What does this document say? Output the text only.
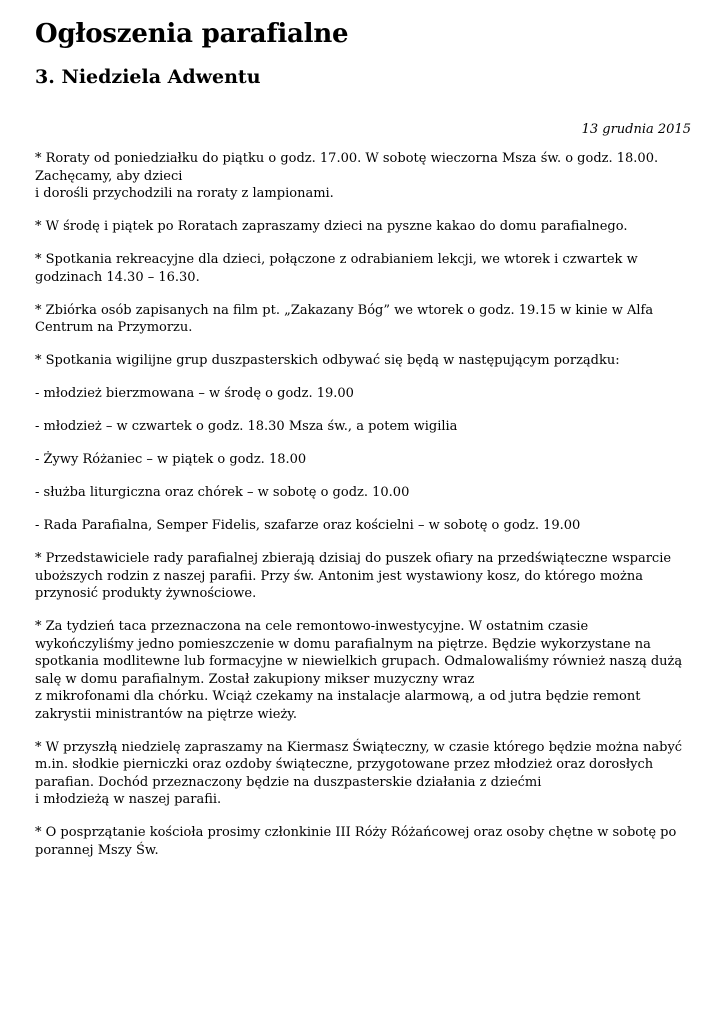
Ogłoszenia parafialne
3. Niedziela Adwentu

13 grudnia 2015

* Roraty od poniedziałku do piątku o godz. 17.00. W sobotę wieczorna Msza św. o godz. 18.00. Zachęcamy, aby dzieci
i dorośli przychodzili na roraty z lampionami.

* W środę i piątek po Roratach zapraszamy dzieci na pyszne kakao do domu parafialnego.

* Spotkania rekreacyjne dla dzieci, połączone z odrabianiem lekcji, we wtorek i czwartek w godzinach 14.30 – 16.30.

* Zbiórka osób zapisanych na film pt. „Zakazany Bóg” we wtorek o godz. 19.15 w kinie w Alfa Centrum na Przymorzu.

* Spotkania wigilijne grup duszpasterskich odbywać się będą w następującym porządku:

- młodzież bierzmowana – w środę o godz. 19.00

- młodzież – w czwartek o godz. 18.30 Msza św., a potem wigilia

- Żywy Różaniec – w piątek o godz. 18.00

- służba liturgiczna oraz chórek – w sobotę o godz. 10.00

- Rada Parafialna, Semper Fidelis, szafarze oraz kościelni – w sobotę o godz. 19.00

* Przedstawiciele rady parafialnej zbierają dzisiaj do puszek ofiary na przedświąteczne wsparcie uboższych rodzin z naszej parafii. Przy św. Antonim jest wystawiony kosz, do którego można przynosić produkty żywnościowe.

* Za tydzień taca przeznaczona na cele remontowo-inwestycyjne. W ostatnim czasie wykończyliśmy jedno pomieszczenie w domu parafialnym na piętrze. Będzie wykorzystane na spotkania modlitewne lub formacyjne w niewielkich grupach. Odmalowaliśmy również naszą dużą salę w domu parafialnym. Został zakupiony mikser muzyczny wraz
z mikrofonami dla chórku. Wciąż czekamy na instalacje alarmową, a od jutra będzie remont zakrystii ministrantów na piętrze wieży.

* W przyszłą niedzielę zapraszamy na Kiermasz Świąteczny, w czasie którego będzie można nabyć m.in. słodkie pierniczki oraz ozdoby świąteczne, przygotowane przez młodzież oraz dorosłych parafian. Dochód przeznaczony będzie na duszpasterskie działania z dziećmi
i młodzieżą w naszej parafii.

* O posprzątanie kościoła prosimy członkinie III Róży Różańcowej oraz osoby chętne w sobotę po porannej Mszy Św.
